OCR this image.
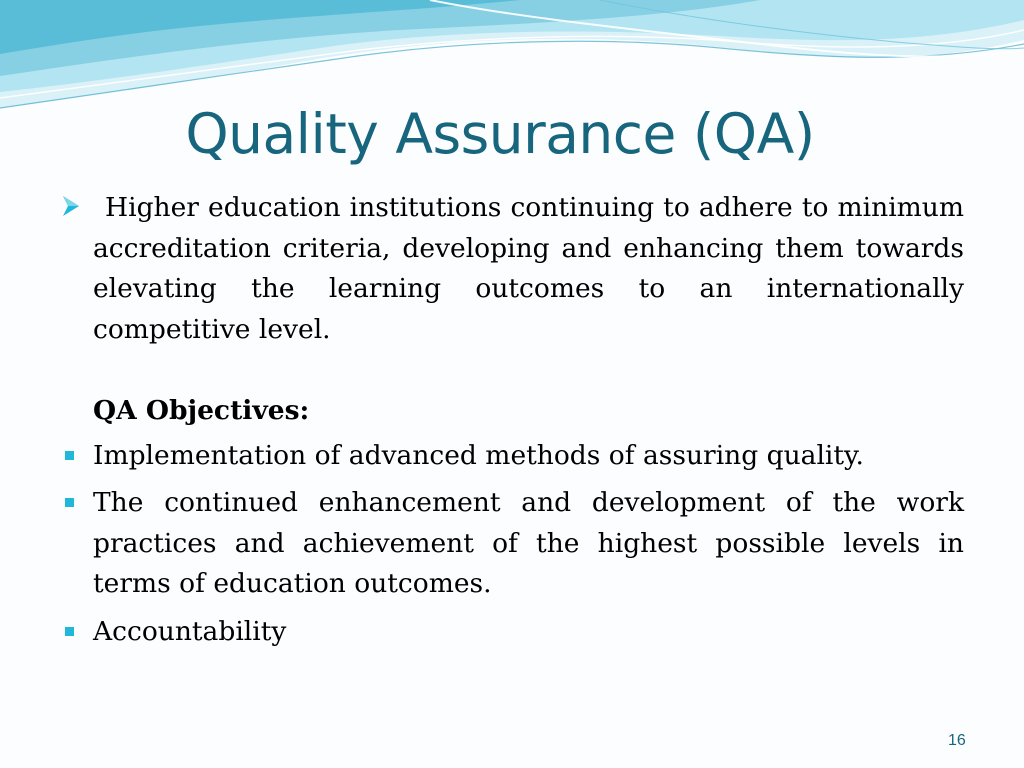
Quality Assurance (QA)
Higher education institutions continuing to adhere to minimum accreditation criteria, developing and enhancing them towards elevating the learning outcomes to an internationally competitive level.
QA Objectives:
Implementation of advanced methods of assuring quality.
The continued enhancement and development of the work practices and achievement of the highest possible levels in terms of education outcomes.
Accountability
16
